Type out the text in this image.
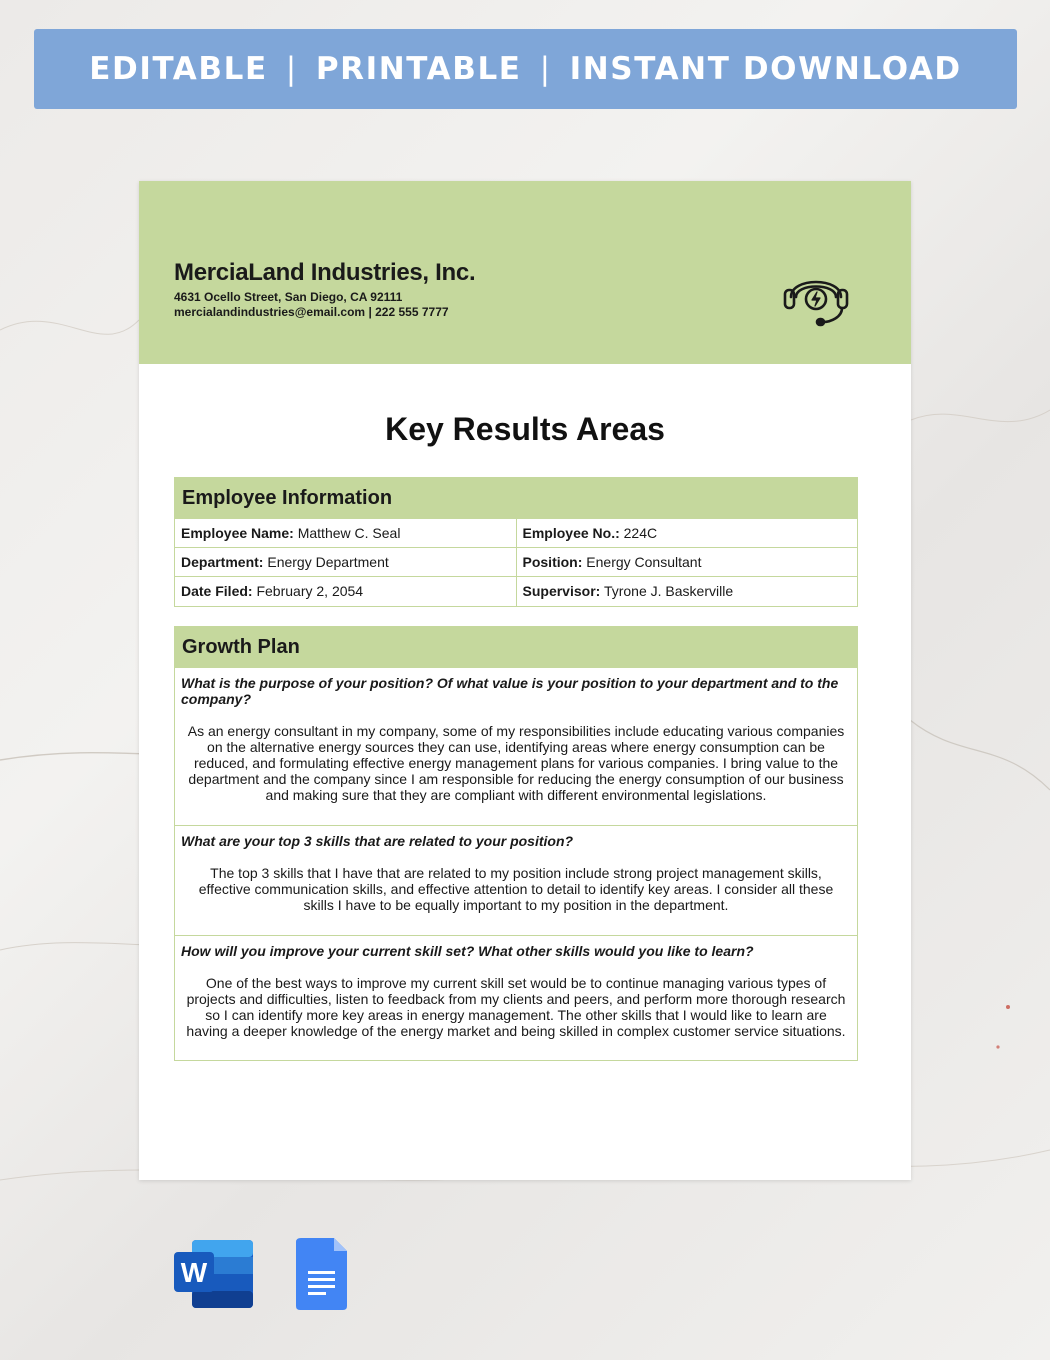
EDITABLE | PRINTABLE | INSTANT DOWNLOAD
MerciaLand Industries, Inc.
4631 Ocello Street, San Diego, CA 92111
mercialandindustries@email.com | 222 555 7777
Key Results Areas
Employee Information
Employee Name: Matthew C. Seal	Employee No.: 224C
Department: Energy Department	Position: Energy Consultant
Date Filed: February 2, 2054	Supervisor: Tyrone J. Baskerville
Growth Plan
What is the purpose of your position? Of what value is your position to your department and to the company?
As an energy consultant in my company, some of my responsibilities include educating various companies on the alternative energy sources they can use, identifying areas where energy consumption can be reduced, and formulating effective energy management plans for various companies. I bring value to the department and the company since I am responsible for reducing the energy consumption of our business and making sure that they are compliant with different environmental legislations.
What are your top 3 skills that are related to your position?
The top 3 skills that I have that are related to my position include strong project management skills, effective communication skills, and effective attention to detail to identify key areas. I consider all these skills I have to be equally important to my position in the department.
How will you improve your current skill set? What other skills would you like to learn?
One of the best ways to improve my current skill set would be to continue managing various types of projects and difficulties, listen to feedback from my clients and peers, and perform more thorough research so I can identify more key areas in energy management. The other skills that I would like to learn are having a deeper knowledge of the energy market and being skilled in complex customer service situations.
W
